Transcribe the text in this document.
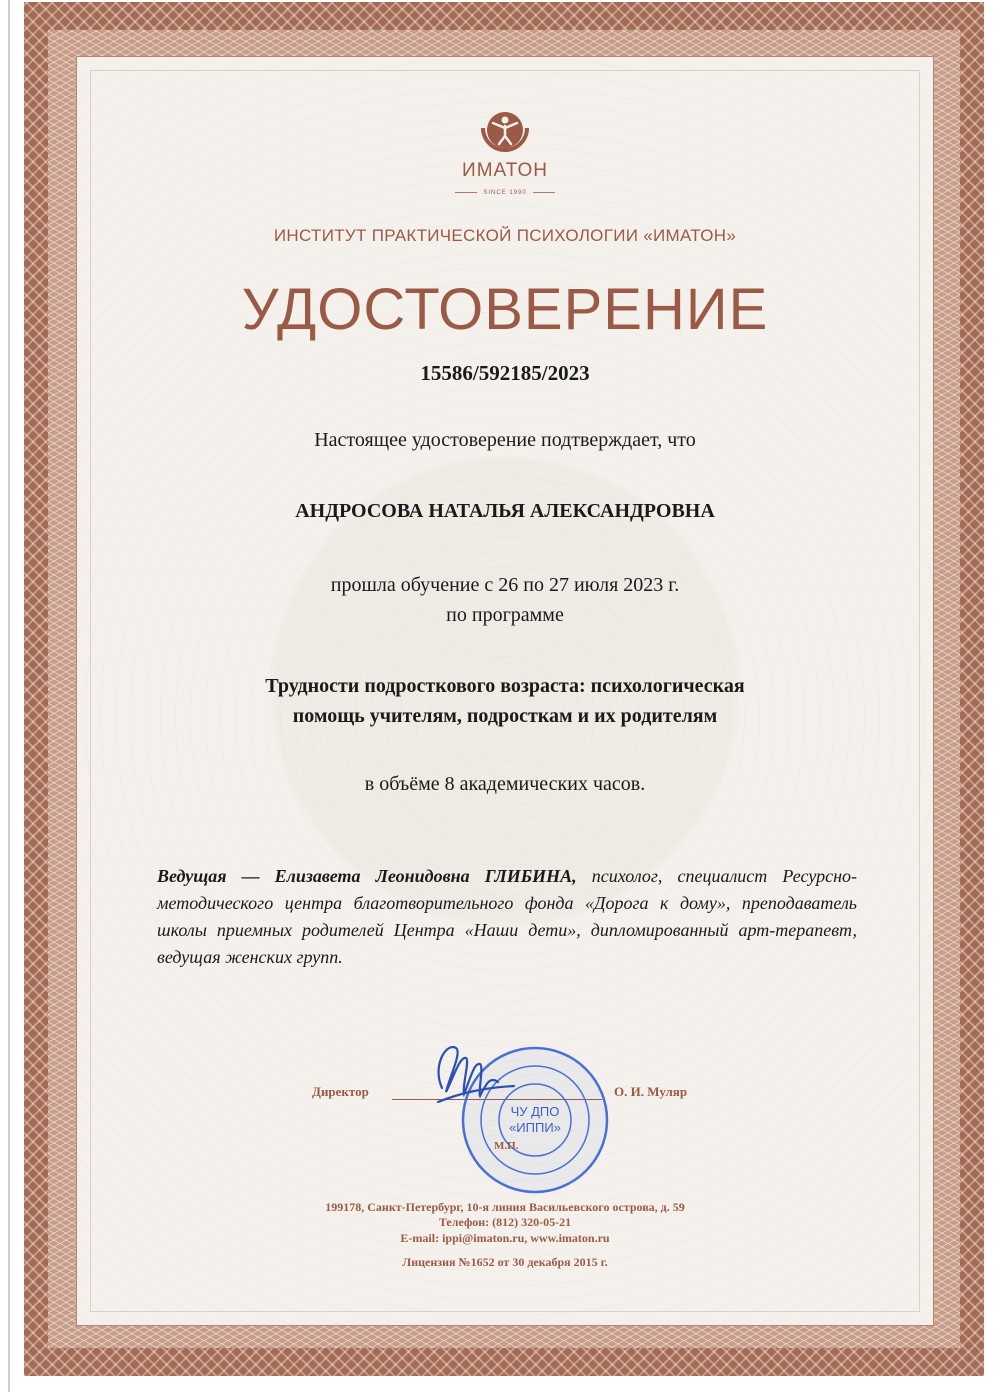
ИМАТОН
SINCE 1990
ИНСТИТУТ ПРАКТИЧЕСКОЙ ПСИХОЛОГИИ «ИМАТОН»
УДОСТОВЕРЕНИЕ
15586/592185/2023
Настоящее удостоверение подтверждает, что
АНДРОСОВА НАТАЛЬЯ АЛЕКСАНДРОВНА
прошла обучение с 26 по 27 июля 2023 г.
по программе
Трудности подросткового возраста: психологическая
помощь учителям, подросткам и их родителям
в объёме 8 академических часов.
Ведущая — Елизавета Леонидовна ГЛИБИНА, психолог, специалист Ресурсно-методического центра благотворительного фонда «Дорога к дому», преподаватель школы приемных родителей Центра «Наши дети», дипломированный арт-терапевт, ведущая женских групп.
Директор	О. И. Муляр
ЧУ ДПО
«ИППИ»
М.П.
199178, Санкт-Петербург, 10-я линия Васильевского острова, д. 59
Телефон: (812) 320-05-21
E-mail: ippi@imaton.ru, www.imaton.ru
Лицензия №1652 от 30 декабря 2015 г.
